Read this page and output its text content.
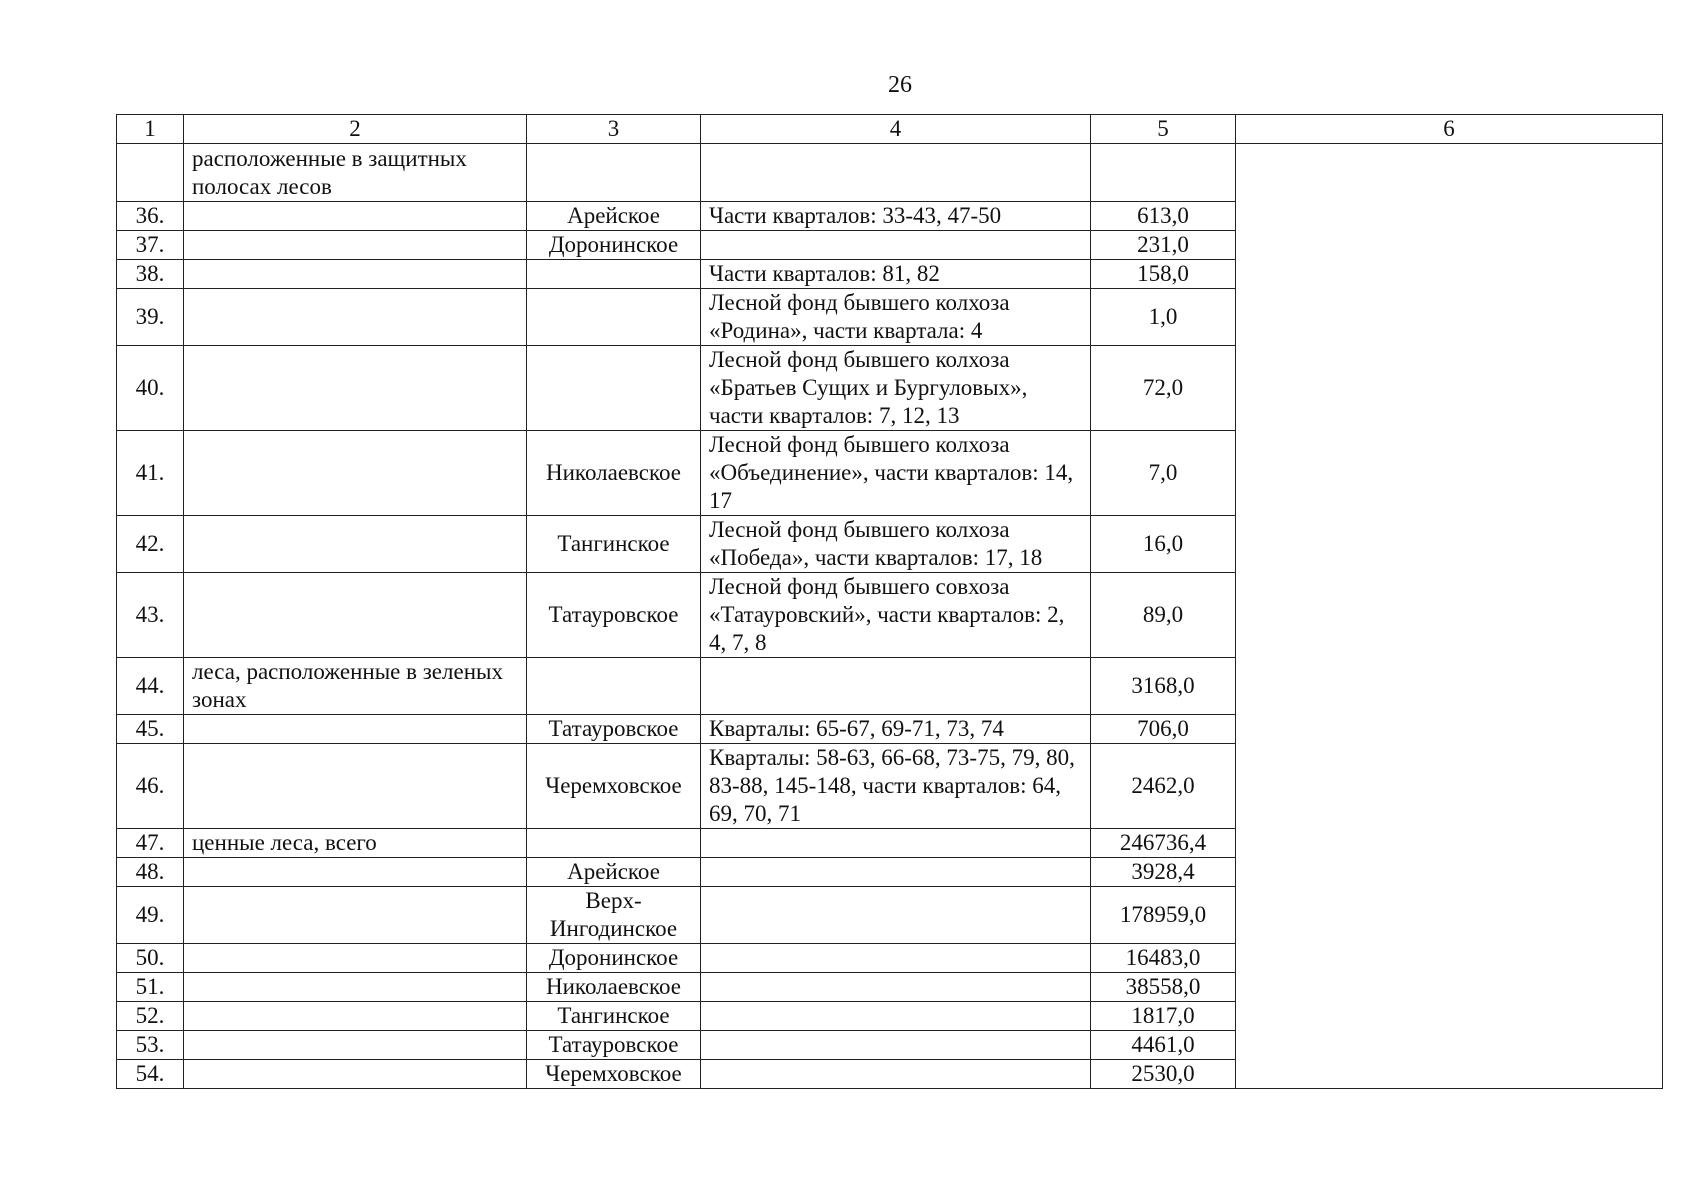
26
1	2	3	4	5	6
	расположенные в защитных полосах лесов				
36.		Арейское	Части кварталов: 33-43, 47-50	613,0	
37.		Доронинское		231,0	
38.			Части кварталов: 81, 82	158,0	
39.			Лесной фонд бывшего колхоза «Родина», части квартала: 4	1,0	
40.			Лесной фонд бывшего колхоза «Братьев Сущих и Бургуловых», части кварталов: 7, 12, 13	72,0	
41.		Николаевское	Лесной фонд бывшего колхоза «Объединение», части кварталов: 14, 17	7,0	
42.		Тангинское	Лесной фонд бывшего колхоза «Победа», части кварталов: 17, 18	16,0	
43.		Татауровское	Лесной фонд бывшего совхоза «Татауровский», части кварталов: 2, 4, 7, 8	89,0	
44.	леса, расположенные в зеленых зонах			3168,0	
45.		Татауровское	Кварталы: 65-67, 69-71, 73, 74	706,0	
46.		Черемховское	Кварталы: 58-63, 66-68, 73-75, 79, 80, 83-88, 145-148, части кварталов: 64, 69, 70, 71	2462,0	
47.	ценные леса, всего			246736,4	
48.		Арейское		3928,4	
49.		Верх-Ингодинское		178959,0	
50.		Доронинское		16483,0	
51.		Николаевское		38558,0	
52.		Тангинское		1817,0	
53.		Татауровское		4461,0	
54.		Черемховское		2530,0	
